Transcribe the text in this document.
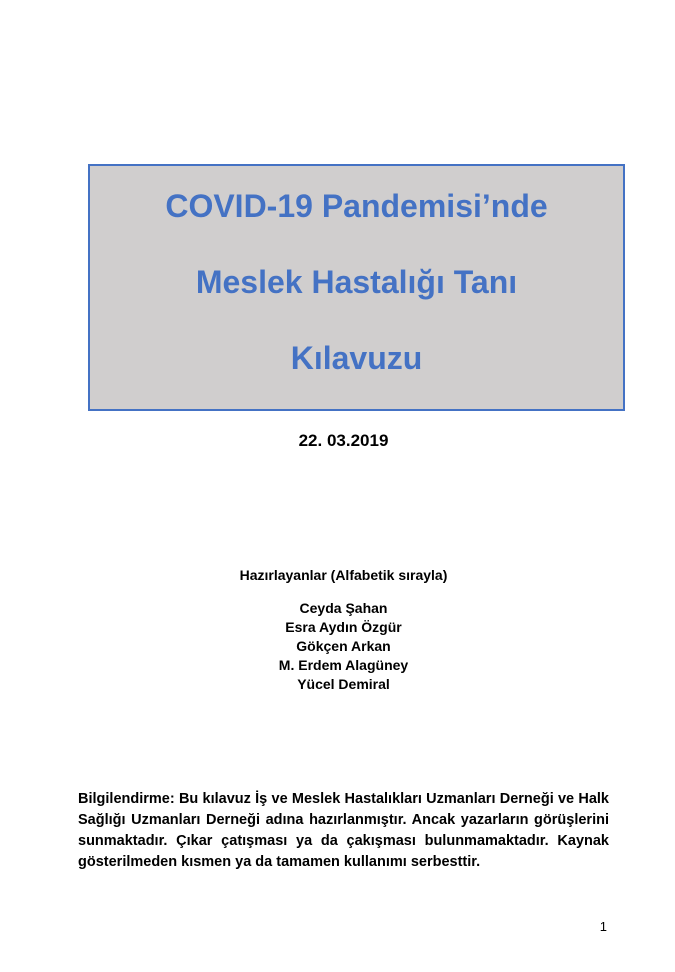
COVID-19 Pandemisi’nde
Meslek Hastalığı Tanı
Kılavuzu
22. 03.2019
Hazırlayanlar (Alfabetik sırayla)
Ceyda Şahan
Esra Aydın Özgür
Gökçen Arkan
M. Erdem Alagüney
Yücel Demiral
Bilgilendirme: Bu kılavuz İş ve Meslek Hastalıkları Uzmanları Derneği ve Halk Sağlığı Uzmanları Derneği adına hazırlanmıştır. Ancak yazarların görüşlerini sunmaktadır. Çıkar çatışması ya da çakışması bulunmamaktadır. Kaynak gösterilmeden kısmen ya da tamamen kullanımı serbesttir.
1
